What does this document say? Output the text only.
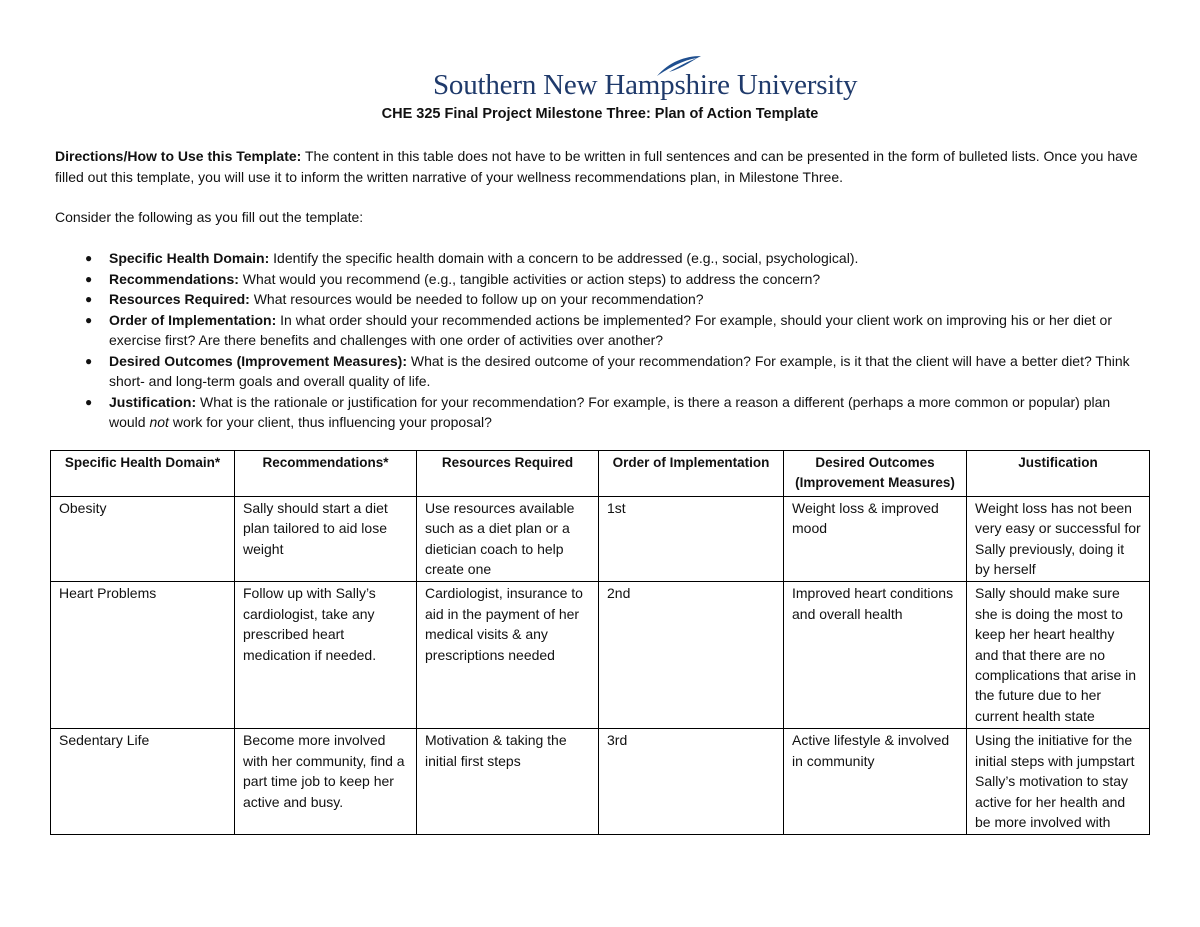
Southern New Hampshire University
CHE 325 Final Project Milestone Three: Plan of Action Template
Directions/How to Use this Template: The content in this table does not have to be written in full sentences and can be presented in the form of bulleted lists. Once you have filled out this template, you will use it to inform the written narrative of your wellness recommendations plan, in Milestone Three.
Consider the following as you fill out the template:
● Specific Health Domain: Identify the specific health domain with a concern to be addressed (e.g., social, psychological).
● Recommendations: What would you recommend (e.g., tangible activities or action steps) to address the concern?
● Resources Required: What resources would be needed to follow up on your recommendation?
● Order of Implementation: In what order should your recommended actions be implemented? For example, should your client work on improving his or her diet or exercise first? Are there benefits and challenges with one order of activities over another?
● Desired Outcomes (Improvement Measures): What is the desired outcome of your recommendation? For example, is it that the client will have a better diet? Think short- and long-term goals and overall quality of life.
● Justification: What is the rationale or justification for your recommendation? For example, is there a reason a different (perhaps a more common or popular) plan would not work for your client, thus influencing your proposal?
Specific Health Domain*	Recommendations*	Resources Required	Order of Implementation	Desired Outcomes (Improvement Measures)	Justification
Obesity	Sally should start a diet plan tailored to aid lose weight	Use resources available such as a diet plan or a dietician coach to help create one	1st	Weight loss & improved mood	Weight loss has not been very easy or successful for Sally previously, doing it by herself
Heart Problems	Follow up with Sally’s cardiologist, take any prescribed heart medication if needed.	Cardiologist, insurance to aid in the payment of her medical visits & any prescriptions needed	2nd	Improved heart conditions and overall health	Sally should make sure she is doing the most to keep her heart healthy and that there are no complications that arise in the future due to her current health state
Sedentary Life	Become more involved with her community, find a part time job to keep her active and busy.	Motivation & taking the initial first steps	3rd	Active lifestyle & involved in community	Using the initiative for the initial steps with jumpstart Sally’s motivation to stay active for her health and be more involved with
